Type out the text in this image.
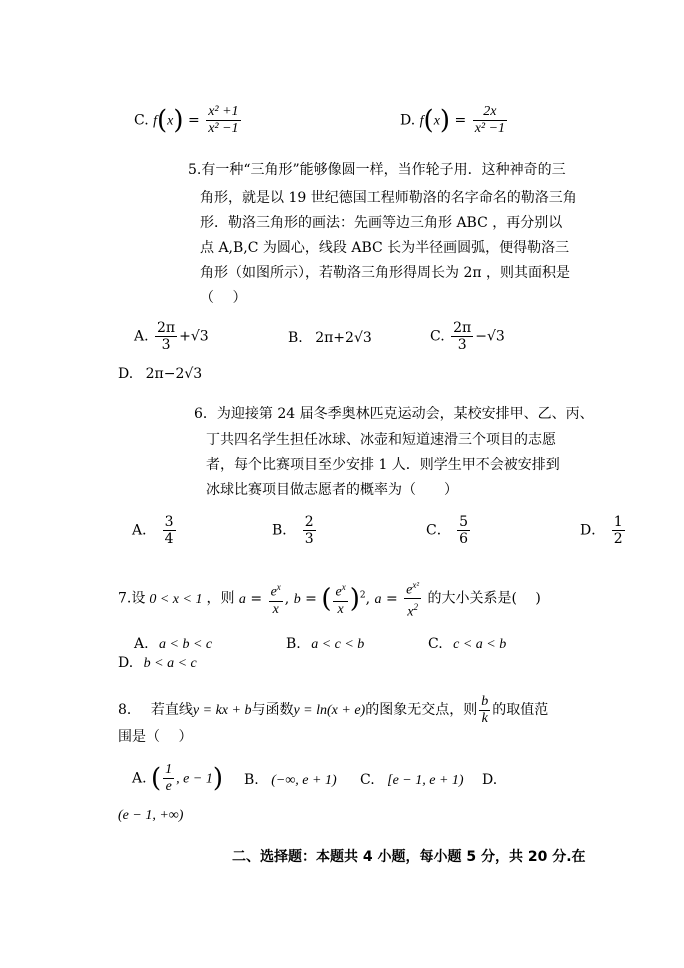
C. $f(x) = \frac{\text{x² +1}}{\text{x² −1}}$	D. $f(x) = \frac{2x}{\text{x² −1}}$
5.有一种“三角形”能够像圆一样，当作轮子用．这种神奇的三
角形，就是以 19 世纪德国工程师勒洛的名字命名的勒洛三角
形．勒洛三角形的画法：先画等边三角形 ABC ，再分别以
点 A,B,C 为圆心，线段 ABC 长为半径画圆弧，便得勒洛三
角形（如图所示），若勒洛三角形得周长为 2π ，则其面积是
（　 ）
A. $\frac{2\pi}{3} +√3$	B. 2π+2√3	C. $\frac{2\pi}{3} -√3$
D. 2π−2√3
6．为迎接第 24 届冬季奥林匹克运动会，某校安排甲、乙、丙、
丁共四名学生担任冰球、冰壶和短道速滑三个项目的志愿
者，每个比赛项目至少安排 1 人．则学生甲不会被安排到
冰球比赛项目做志愿者的概率为（　　）
A． $\frac{3}{4}$	B． $\frac{2}{3}$	C． $\frac{5}{6}$	D． $\frac{1}{2}$
7.设 0 < x < 1 ，则 $a = \frac{e^x}{x}$ , b = ( $\frac{e^x}{x} )^2$, $a = \frac{e^{x^2}}{x^2}$ 的大小关系是(　 )
A. a < b < c	B. a < c < b	C. c < a < b
D. b < a < c
8． 若直线y = kx + b与函数y = ln(x + e)的图象无交点，则 $\frac{b}{k}$ 的取值范
围是（　 ）
A. ( $\frac{1}{e}$ , e − 1) B. (−∞, e + 1) C. [e − 1, e + 1) D.
(e − 1, +∞)
二、选择题：本题共 4 小题，每小题 5 分，共 20 分.在
